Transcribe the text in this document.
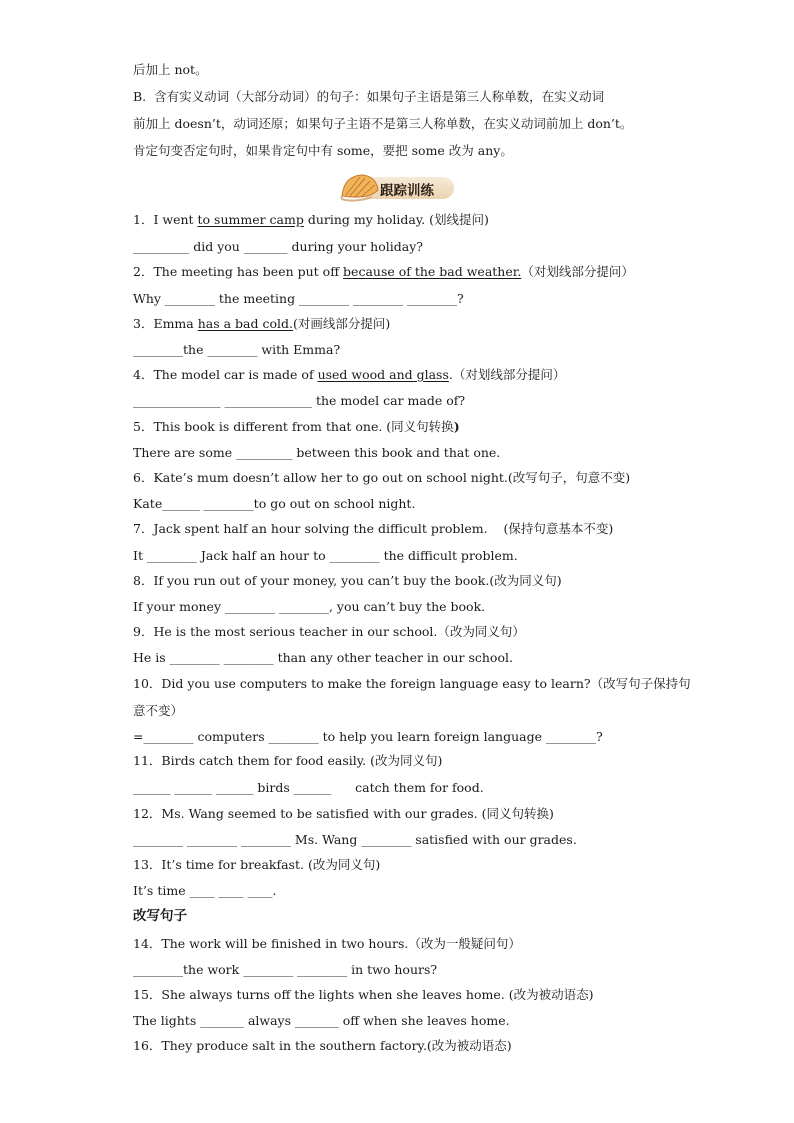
后加上 not。
B.  含有实义动词（大部分动词）的句子：如果句子主语是第三人称单数，在实义动词
前加上 doesn’t，动词还原；如果句子主语不是第三人称单数，在实义动词前加上 don’t。
肯定句变否定句时，如果肯定句中有 some，要把 some 改为 any。
跟踪训练
1．I went to summer camp during my holiday. (划线提问)
_________ did you _______ during your holiday?
2．The meeting has been put off because of the bad weather.（对划线部分提问）
Why ________ the meeting ________ ________ ________?
3．Emma has a bad cold.(对画线部分提问)
________the ________ with Emma?
4．The model car is made of used wood and glass.（对划线部分提问）
______________ ______________ the model car made of?
5．This book is different from that one. (同义句转换)
There are some _________ between this book and that one.
6．Kate’s mum doesn’t allow her to go out on school night.(改写句子，句意不变)
Kate______ ________to go out on school night.
7．Jack spent half an hour solving the difficult problem.    (保持句意基本不变)
It ________ Jack half an hour to ________ the difficult problem.
8．If you run out of your money, you can’t buy the book.(改为同义句)
If your money ________ ________, you can’t buy the book.
9．He is the most serious teacher in our school.（改为同义句）
He is ________ ________ than any other teacher in our school.
10．Did you use computers to make the foreign language easy to learn?（改写句子保持句
意不变）
=________ computers ________ to help you learn foreign language ________?
11．Birds catch them for food easily. (改为同义句)
______ ______ ______ birds ______      catch them for food.
12．Ms. Wang seemed to be satisfied with our grades. (同义句转换)
________ ________ ________ Ms. Wang ________ satisfied with our grades.
13．It’s time for breakfast. (改为同义句)
It’s time ____ ____ ____.
改写句子
14．The work will be finished in two hours.（改为一般疑问句）
________the work ________ ________ in two hours?
15．She always turns off the lights when she leaves home. (改为被动语态)
The lights _______ always _______ off when she leaves home.
16．They produce salt in the southern factory.(改为被动语态)
